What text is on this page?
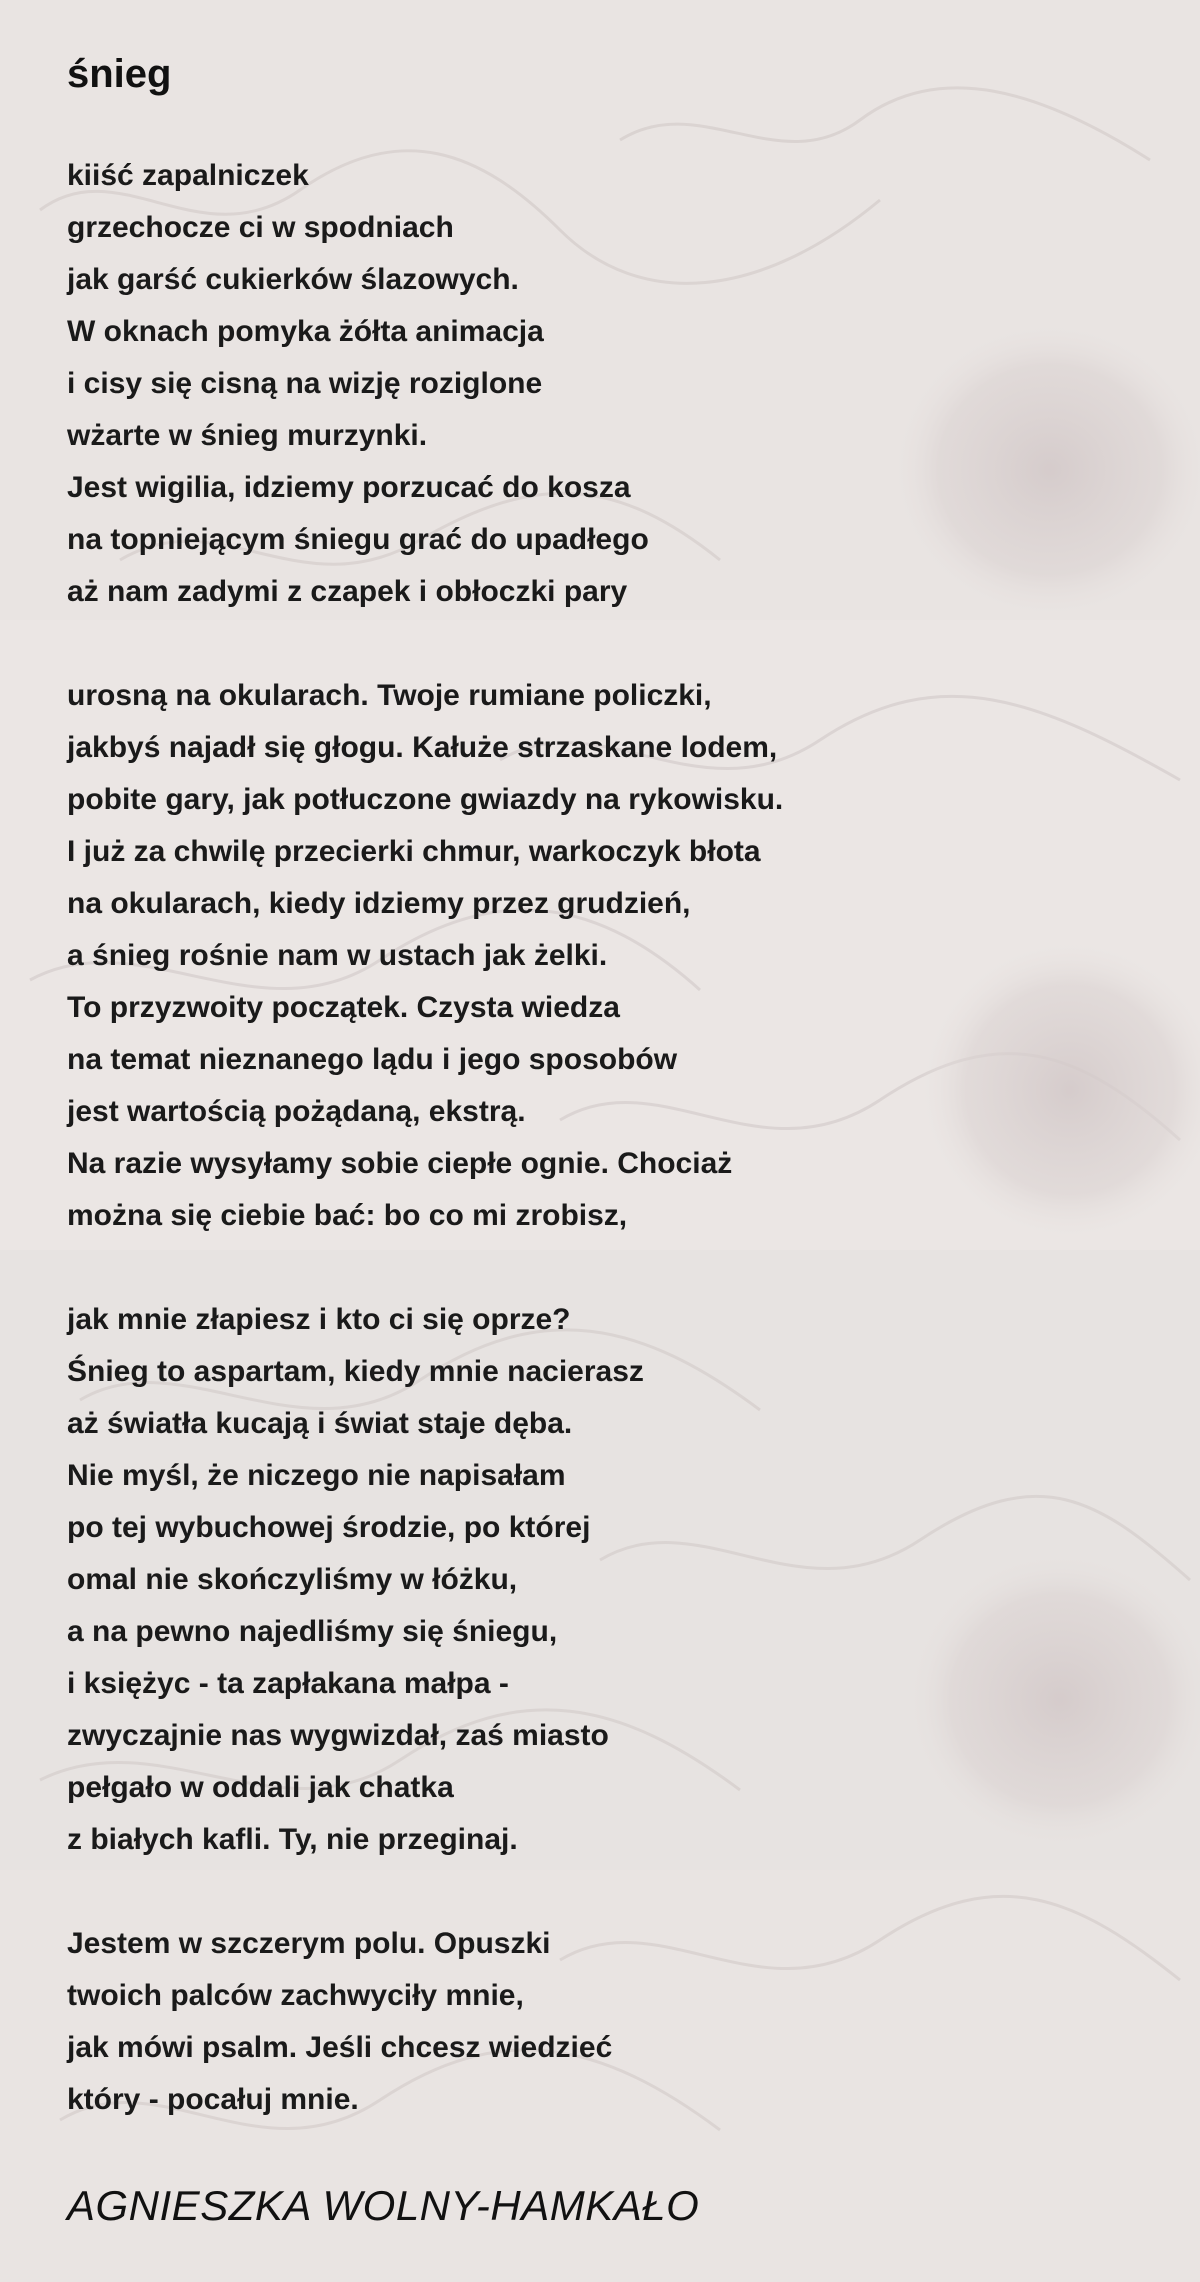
śnieg
kiiść zapalniczek
grzechocze ci w spodniach
jak garść cukierków ślazowych.
W oknach pomyka żółta animacja
i cisy się cisną na wizję roziglone
wżarte w śnieg murzynki.
Jest wigilia, idziemy porzucać do kosza
na topniejącym śniegu grać do upadłego
aż nam zadymi z czapek i obłoczki pary
urosną na okularach. Twoje rumiane policzki,
jakbyś najadł się głogu. Kałuże strzaskane lodem,
pobite gary, jak potłuczone gwiazdy na rykowisku.
I już za chwilę przecierki chmur, warkoczyk błota
na okularach, kiedy idziemy przez grudzień,
a śnieg rośnie nam w ustach jak żelki.
To przyzwoity początek. Czysta wiedza
na temat nieznanego lądu i jego sposobów
jest wartością pożądaną, ekstrą.
Na razie wysyłamy sobie ciepłe ognie. Chociaż
można się ciebie bać: bo co mi zrobisz,
jak mnie złapiesz i kto ci się oprze?
Śnieg to aspartam, kiedy mnie nacierasz
aż światła kucają i świat staje dęba.
Nie myśl, że niczego nie napisałam
po tej wybuchowej środzie, po której
omal nie skończyliśmy w łóżku,
a na pewno najedliśmy się śniegu,
i księżyc - ta zapłakana małpa -
zwyczajnie nas wygwizdał, zaś miasto
pełgało w oddali jak chatka
z białych kafli. Ty, nie przeginaj.
Jestem w szczerym polu. Opuszki
twoich palców zachwyciły mnie,
jak mówi psalm. Jeśli chcesz wiedzieć
który - pocałuj mnie.
AGNIESZKA WOLNY-HAMKAŁO
